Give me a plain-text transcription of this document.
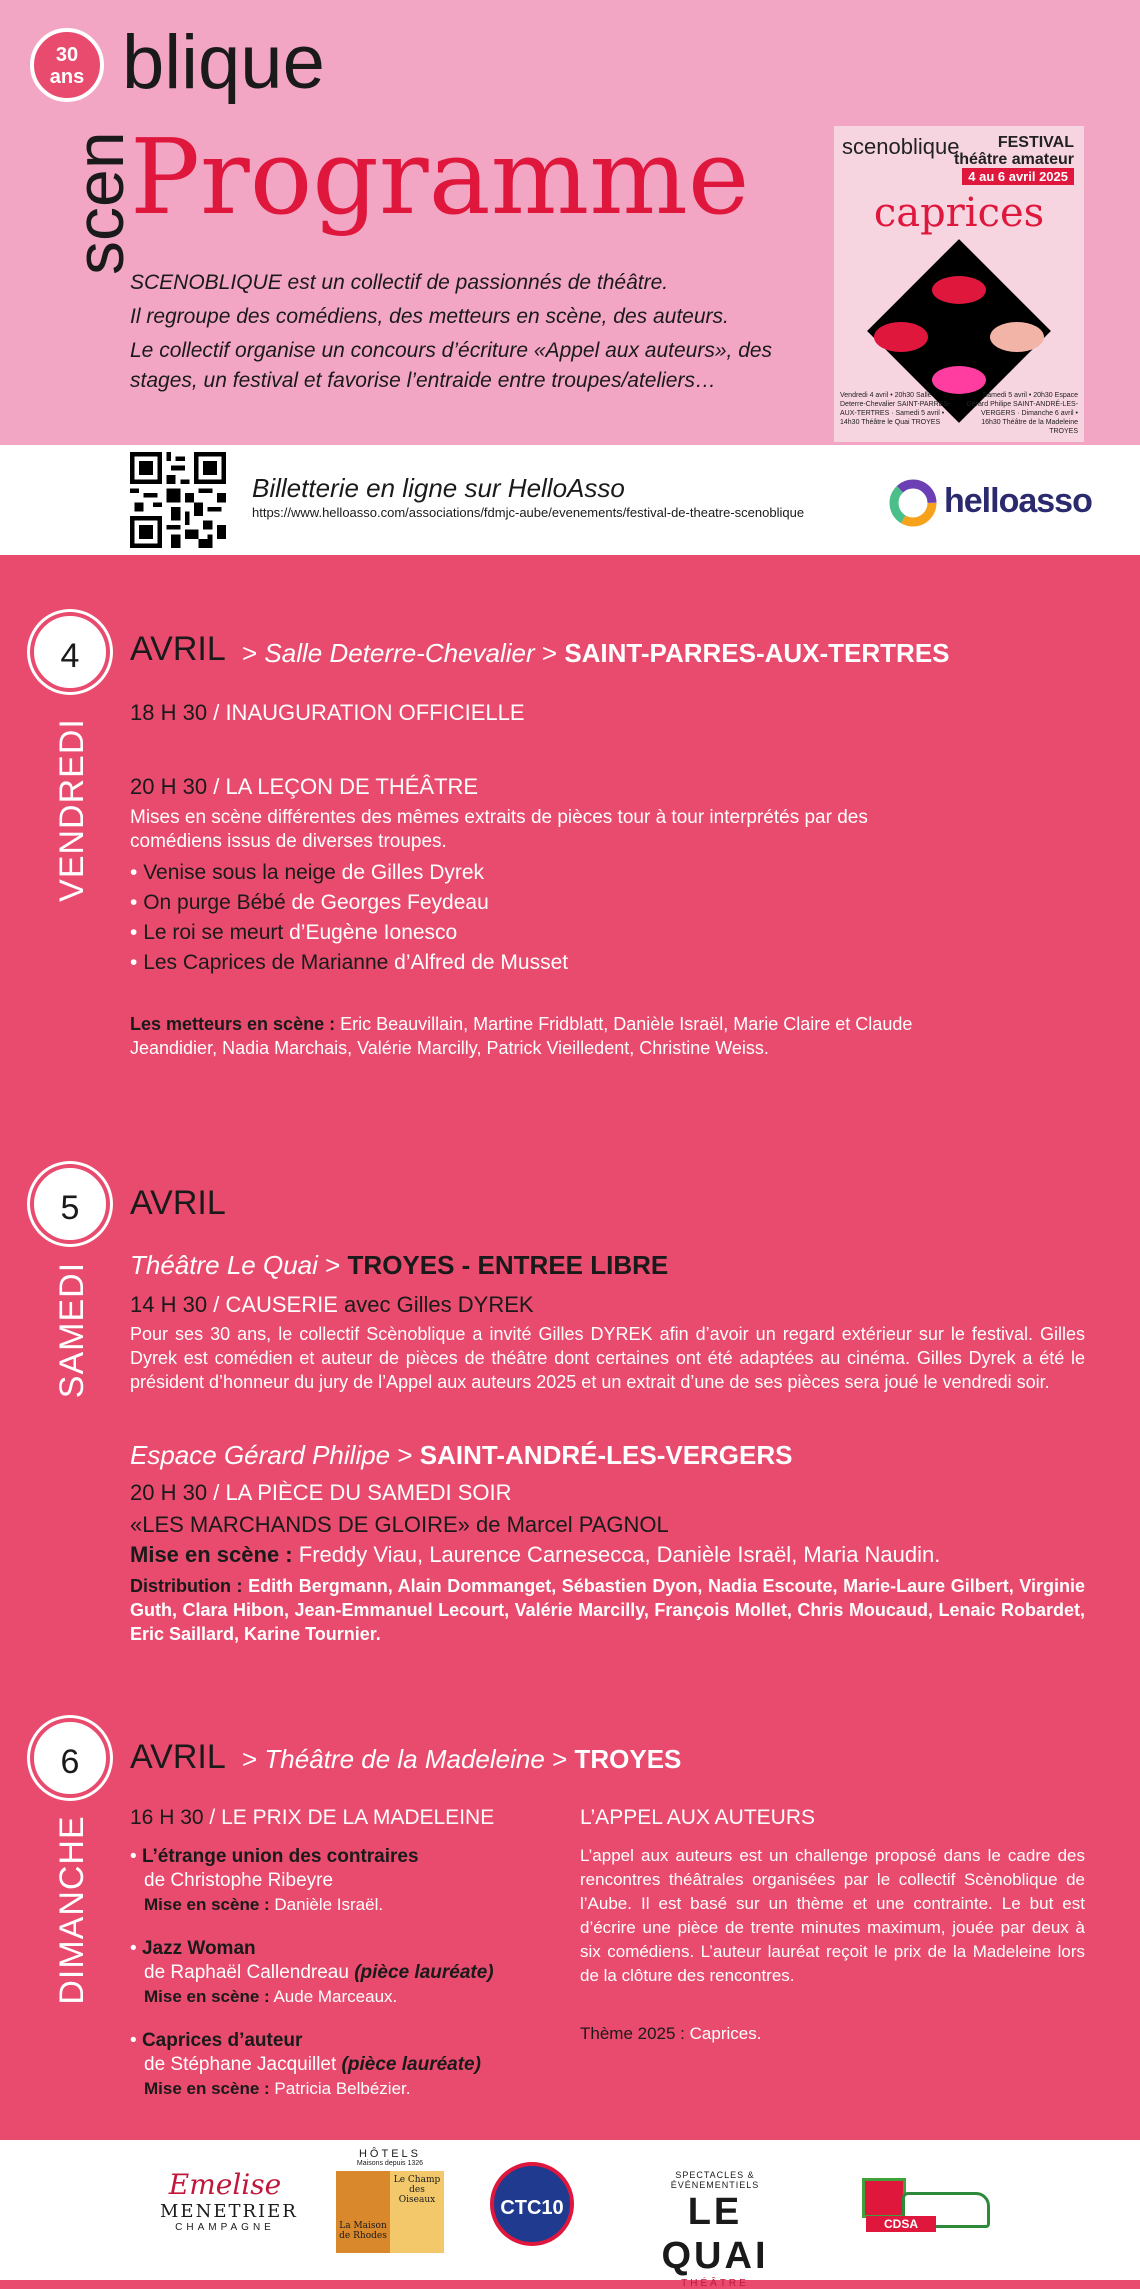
30
ans
scen
blique
Programme

SCENOBLIQUE est un collectif de passionnés de théâtre.

Il regroupe des comédiens, des metteurs en scène, des auteurs.

Le collectif organise un concours d’écriture «Appel aux auteurs», des stages, un festival et favorise l’entraide entre troupes/ateliers…

scenoblique	FESTIVAL
théâtre amateur
4 au 6 avril 2025
caprices
Vendredi 4 avril • 20h30 Salle Deterre-Chevalier SAINT-PARRES-AUX-TERTRES · Samedi 5 avril • 14h30 Théâtre le Quai TROYES
Samedi 5 avril • 20h30 Espace Gérard Philipe SAINT-ANDRÉ-LES-VERGERS · Dimanche 6 avril • 16h30 Théâtre de la Madeleine TROYES
Billetterie en ligne sur HelloAsso
https://www.helloasso.com/associations/fdmjc-aube/evenements/festival-de-theatre-scenoblique	helloasso
4
VENDREDI
AVRIL > Salle Deterre-Chevalier > SAINT-PARRES-AUX-TERTRES
18 H 30 / INAUGURATION OFFICIELLE
20 H 30 / LA LEÇON DE THÉÂTRE
Mises en scène différentes des mêmes extraits de pièces tour à tour interprétés par des comédiens issus de diverses troupes.
• Venise sous la neige de Gilles Dyrek
• On purge Bébé de Georges Feydeau
• Le roi se meurt d’Eugène Ionesco
• Les Caprices de Marianne d’Alfred de Musset
Les metteurs en scène : Eric Beauvillain, Martine Fridblatt, Danièle Israël, Marie Claire et Claude Jeandidier, Nadia Marchais, Valérie Marcilly, Patrick Vieilledent, Christine Weiss.
5
SAMEDI
AVRIL
Théâtre Le Quai > TROYES - ENTREE LIBRE
14 H 30 / CAUSERIE avec Gilles DYREK
Pour ses 30 ans, le collectif Scènoblique a invité Gilles DYREK afin d’avoir un regard extérieur sur le festival. Gilles Dyrek est comédien et auteur de pièces de théâtre dont certaines ont été adaptées au cinéma. Gilles Dyrek a été le président d’honneur du jury de l’Appel aux auteurs 2025 et un extrait d’une de ses pièces sera joué le vendredi soir.
Espace Gérard Philipe > SAINT-ANDRÉ-LES-VERGERS
20 H 30 / LA PIÈCE DU SAMEDI SOIR
«LES MARCHANDS DE GLOIRE» de Marcel PAGNOL
Mise en scène : Freddy Viau, Laurence Carnesecca, Danièle Israël, Maria Naudin.
Distribution : Edith Bergmann, Alain Dommanget, Sébastien Dyon, Nadia Escoute, Marie-Laure Gilbert, Virginie Guth, Clara Hibon, Jean-Emmanuel Lecourt, Valérie Marcilly, François Mollet, Chris Moucaud, Lenaic Robardet, Eric Saillard, Karine Tournier.
6
DIMANCHE
AVRIL > Théâtre de la Madeleine > TROYES
16 H 30 / LE PRIX DE LA MADELEINE
• L’étrange union des contraires
de Christophe Ribeyre
Mise en scène : Danièle Israël.
• Jazz Woman
de Raphaël Callendreau (pièce lauréate)
Mise en scène : Aude Marceaux.
• Caprices d’auteur
de Stéphane Jacquillet (pièce lauréate)
Mise en scène : Patricia Belbézier.
L’APPEL AUX AUTEURS
L’appel aux auteurs est un challenge proposé dans le cadre des rencontres théâtrales organisées par le collectif Scènoblique de l’Aube. Il est basé sur un thème et une contrainte. Le but est d’écrire une pièce de trente minutes maximum, jouée par deux à six comédiens. L’auteur lauréat reçoit le prix de la Madeleine lors de la clôture des rencontres.
Thème 2025 : Caprices.
Emelise
MENETRIER
CHAMPAGNE
HÔTELS
Maisons depuis 1326
La Maison de Rhodes
Le Champ des Oiseaux	CTC10
SPECTACLES & ÉVÉNEMENTIELS
LE QUAI
THÉÂTRE
CDSA
